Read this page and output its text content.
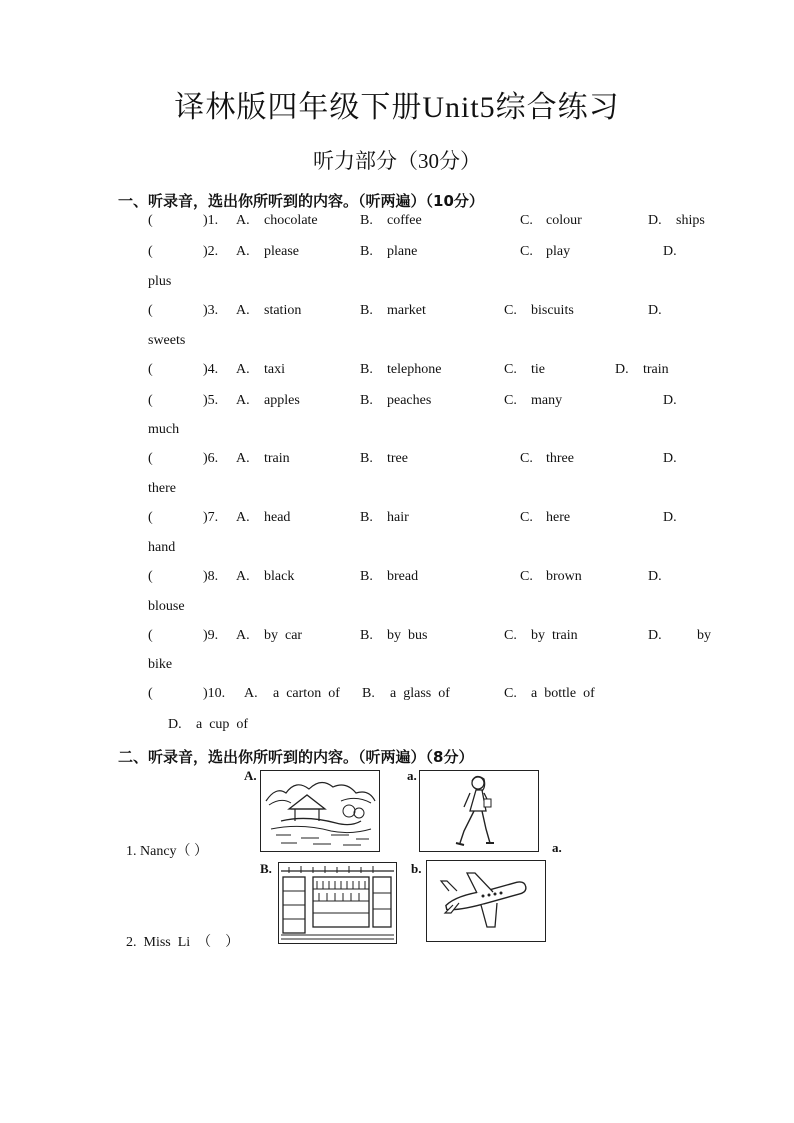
译林版四年级下册Unit5综合练习
听力部分（30分）
一、听录音，选出你所听到的内容。（听两遍）（10分）
(	)1. A. chocolate	B. coffee	C. colour	D. ships
(	)2. A. please	B. plane	C. play	D.
plus
(	)3. A. station	B. market	C. biscuits	D.
sweets
(	)4. A. taxi	B. telephone	C. tie	D. train
(	)5. A. apples	B. peaches	C. many	D.
much
(	)6. A. train	B. tree	C. three	D.
there
(	)7. A. head	B. hair	C. here	D.
hand
(	)8. A. black	B. bread	C. brown	D.
blouse
(	)9. A. by  car	B. by  bus	C. by  train	D.	by
bike
(	)10. A. a  carton  of B. a  glass  of	C. a  bottle  of
D. a  cup  of
二、听录音，选出你所听到的内容。（听两遍）（8分）
A.	a.
a.
B.	b.
1. Nancy（ ）
2.  Miss  Li  （    ）
